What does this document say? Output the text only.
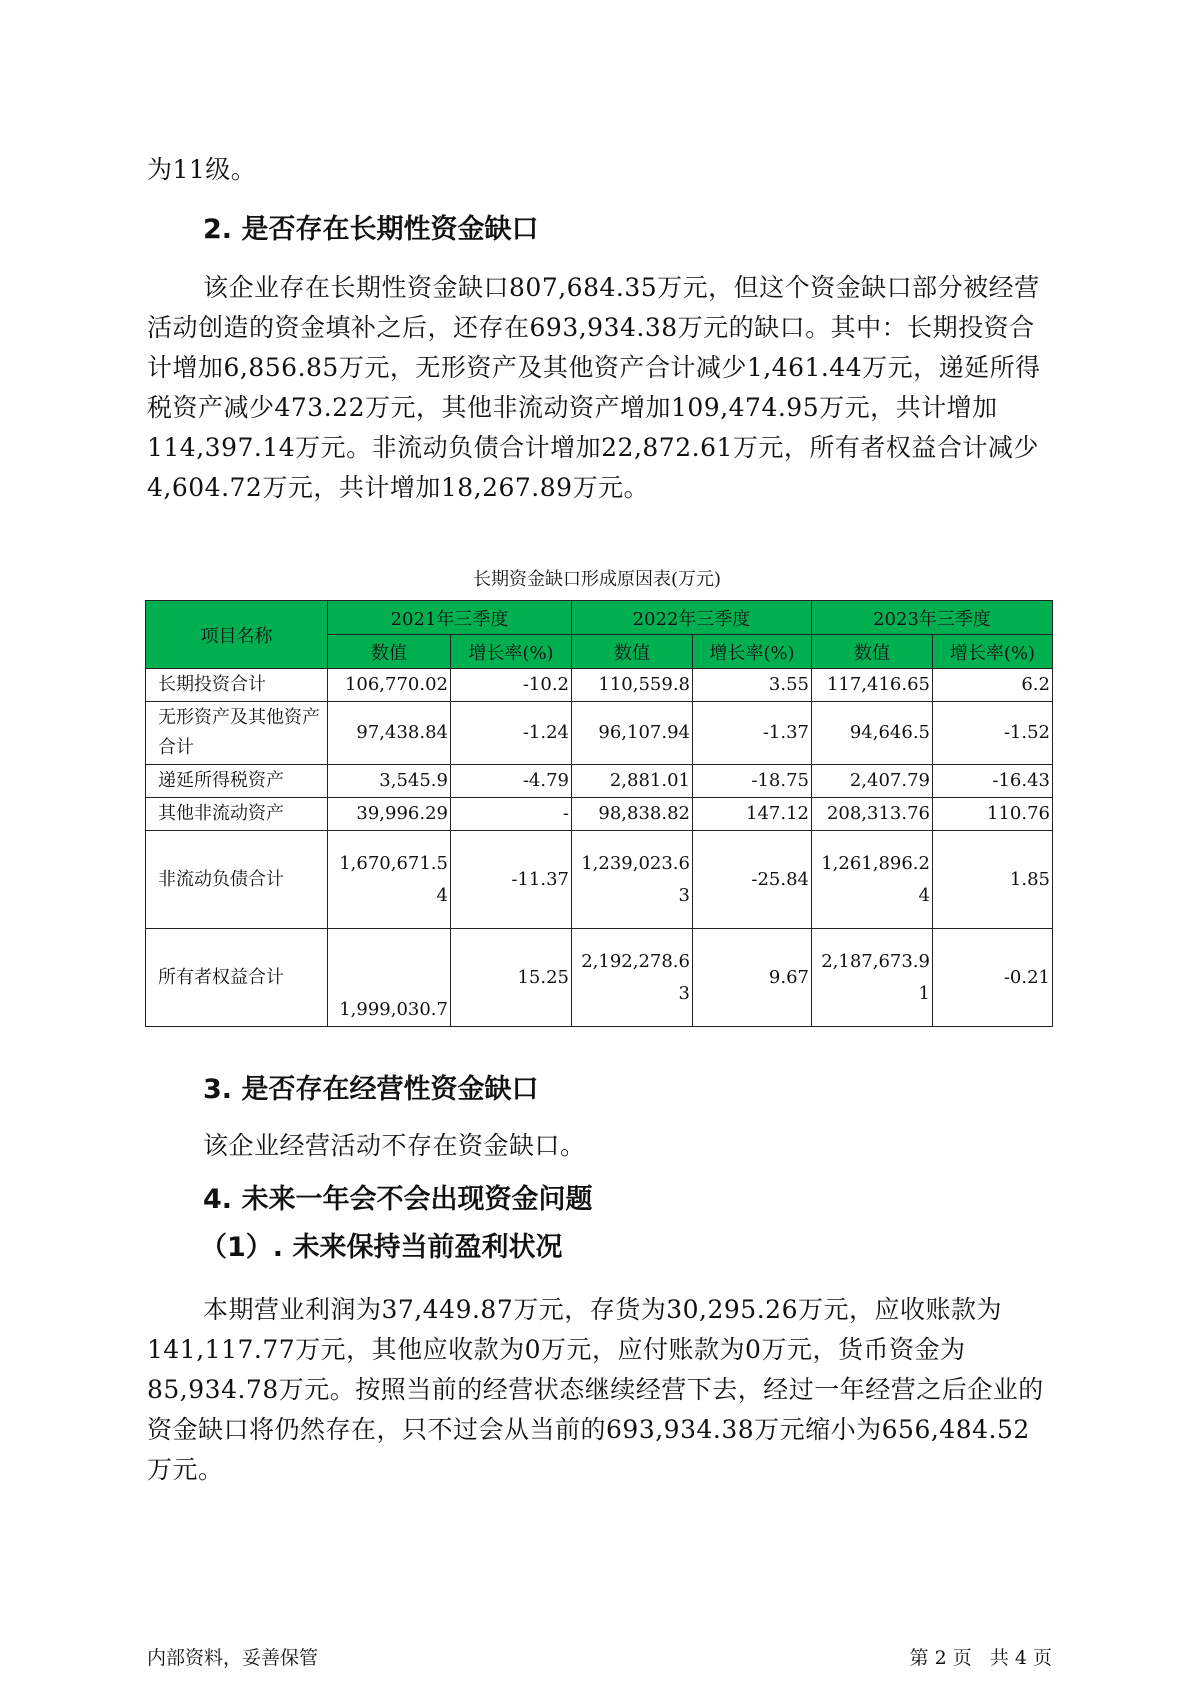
为11级。

2. 是否存在长期性资金缺口

该企业存在长期性资金缺口807,684.35万元，但这个资金缺口部分被经营活动创造的资金填补之后，还存在693,934.38万元的缺口。其中：长期投资合计增加6,856.85万元，无形资产及其他资产合计减少1,461.44万元，递延所得税资产减少473.22万元，其他非流动资产增加109,474.95万元，共计增加114,397.14万元。非流动负债合计增加22,872.61万元，所有者权益合计减少4,604.72万元，共计增加18,267.89万元。

长期资金缺口形成原因表(万元)
项目名称	2021年三季度		2022年三季度		2023年三季度	
	数值	增长率(%)	数值	增长率(%)	数值	增长率(%)
长期投资合计	106,770.02	-10.2	110,559.8	3.55	117,416.65	6.2
无形资产及其他资产合计	97,438.84	-1.24	96,107.94	-1.37	94,646.5	-1.52
递延所得税资产	3,545.9	-4.79	2,881.01	-18.75	2,407.79	-16.43
其他非流动资产	39,996.29	-	98,838.82	147.12	208,313.76	110.76
非流动负债合计	1,670,671.54	-11.37	1,239,023.63	-25.84	1,261,896.24	1.85
所有者权益合计	1,999,030.7	15.25	2,192,278.63	9.67	2,187,673.91	-0.21
3. 是否存在经营性资金缺口

该企业经营活动不存在资金缺口。

4. 未来一年会不会出现资金问题
（1）. 未来保持当前盈利状况

本期营业利润为37,449.87万元，存货为30,295.26万元，应收账款为141,117.77万元，其他应收款为0万元，应付账款为0万元，货币资金为85,934.78万元。按照当前的经营状态继续经营下去，经过一年经营之后企业的资金缺口将仍然存在，只不过会从当前的693,934.38万元缩小为656,484.52万元。

内部资料，妥善保管	第 2 页   共 4 页
